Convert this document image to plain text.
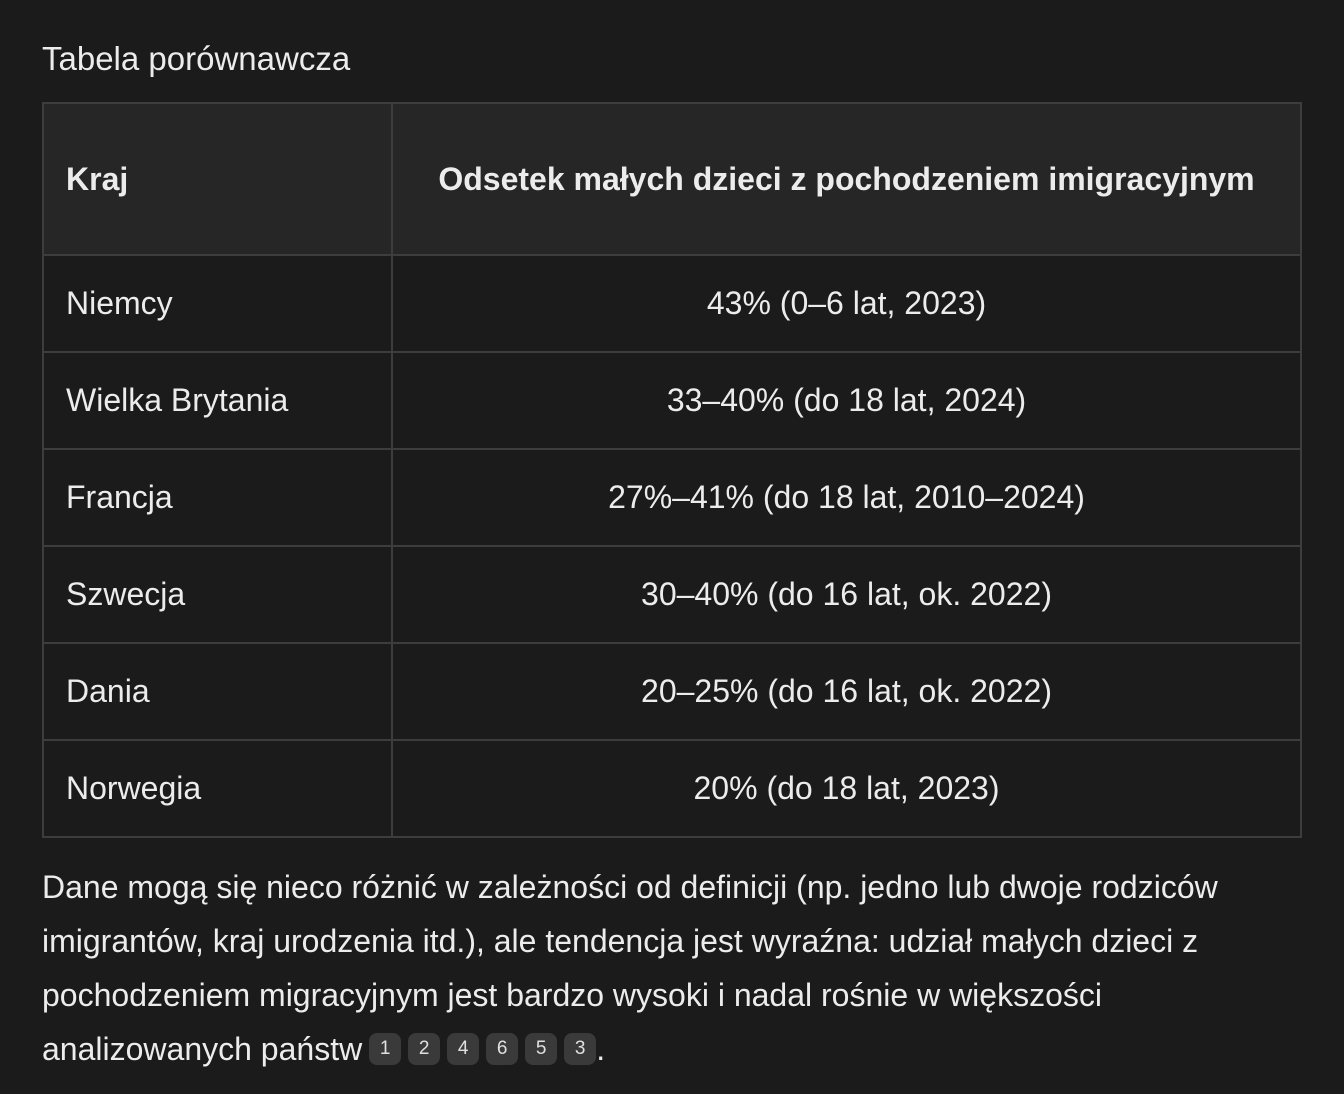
Tabela porównawcza
Kraj	Odsetek małych dzieci z pochodzeniem imigracyjnym
Niemcy	43% (0–6 lat, 2023)
Wielka Brytania	33–40% (do 18 lat, 2024)
Francja	27%–41% (do 18 lat, 2010–2024)
Szwecja	30–40% (do 16 lat, ok. 2022)
Dania	20–25% (do 16 lat, ok. 2022)
Norwegia	20% (do 18 lat, 2023)
Dane mogą się nieco różnić w zależności od definicji (np. jedno lub dwoje rodziców imigrantów, kraj urodzenia itd.), ale tendencja jest wyraźna: udział małych dzieci z pochodzeniem migracyjnym jest bardzo wysoki i nadal rośnie w większości analizowanych państw 1 2 4 6 5 3 .
